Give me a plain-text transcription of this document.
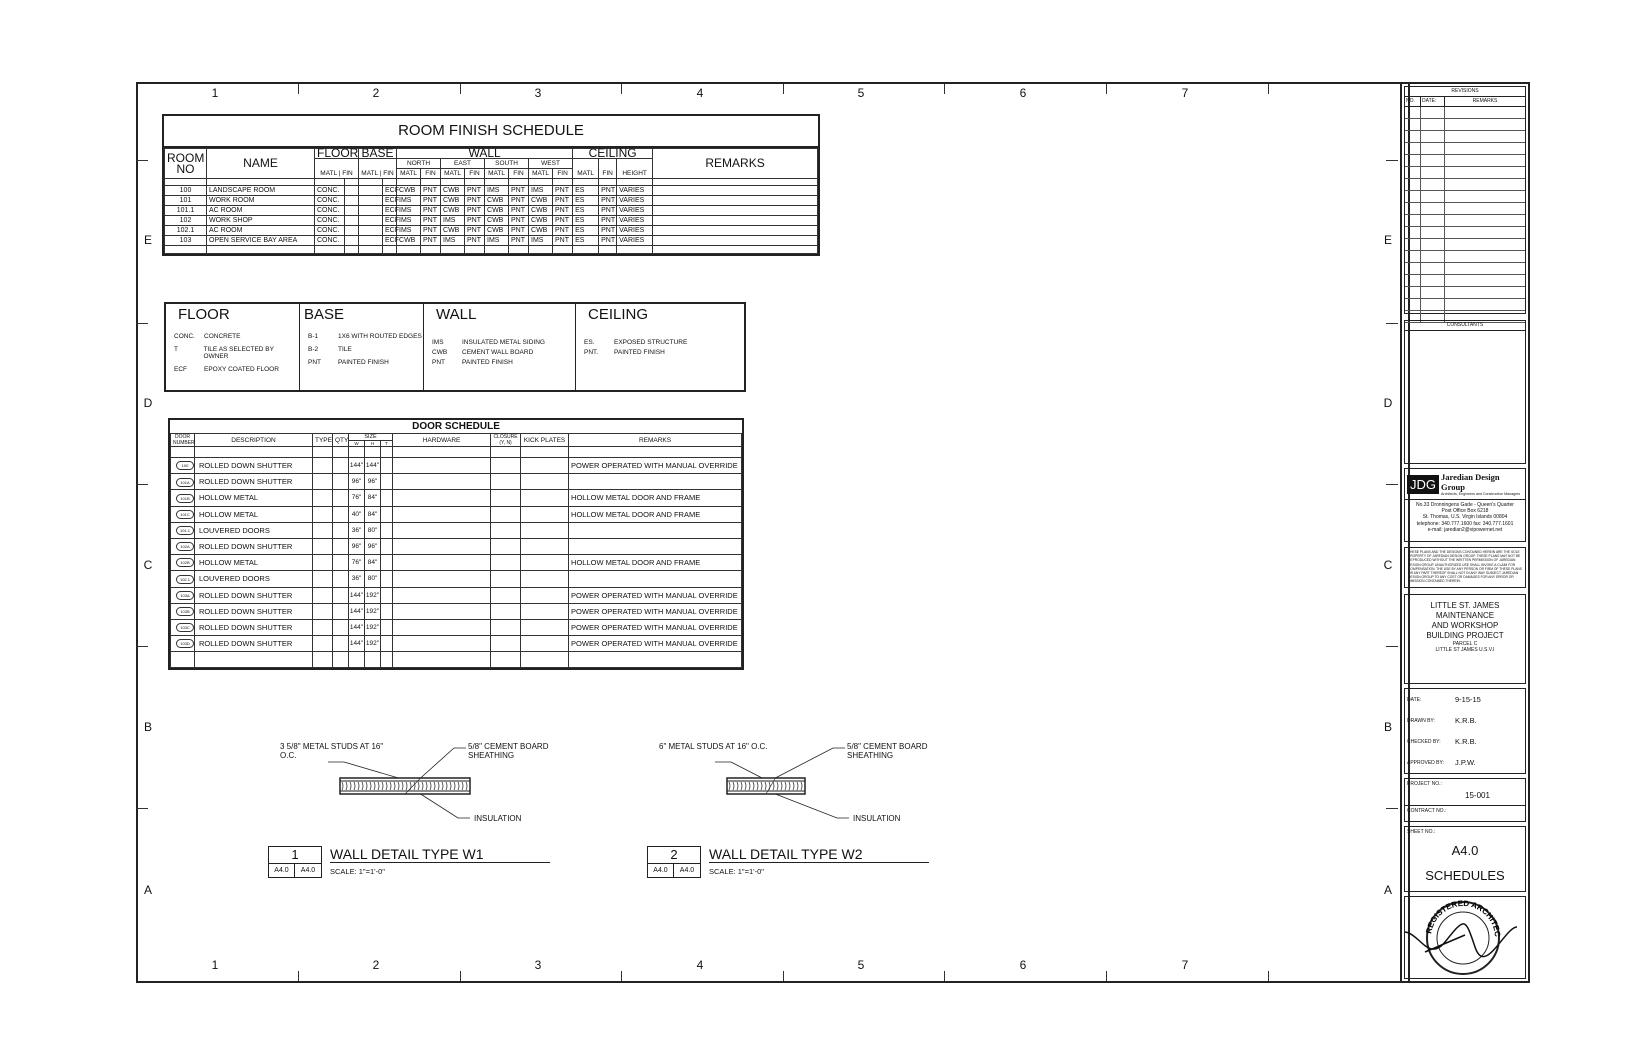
1
1
2
2
3
3
4
4
5
5
6
6
7
7
E	E
D	D
C	C
B	B
A	A
ROOM FINISH SCHEDULE
ROOM NO	NAME	FLOOR		BASE		WALL								CEILING			REMARKS
		MATL | FIN		MATL | FIN		NORTH		EAST		SOUTH		WEST		MATL	FIN	HEIGHT	
						MATL	FIN	MATL	FIN	MATL	FIN	MATL	FIN				

100	LANDSCAPE ROOM	CONC.			ECF	CWB	PNT	CWB	PNT	IMS	PNT	IMS	PNT	ES	PNT	VARIES	
101	WORK ROOM	CONC.			ECF	IMS	PNT	CWB	PNT	CWB	PNT	CWB	PNT	ES	PNT	VARIES	
101.1	AC ROOM	CONC.			ECF	IMS	PNT	CWB	PNT	CWB	PNT	CWB	PNT	ES	PNT	VARIES	
102	WORK SHOP	CONC.			ECF	IMS	PNT	IMS	PNT	CWB	PNT	CWB	PNT	ES	PNT	VARIES	
102.1	AC ROOM	CONC.			ECF	IMS	PNT	CWB	PNT	CWB	PNT	CWB	PNT	ES	PNT	VARIES	
103	OPEN SERVICE BAY AREA	CONC.			ECF	CWB	PNT	IMS	PNT	IMS	PNT	IMS	PNT	ES	PNT	VARIES	

FLOOR
CONC.	CONCRETE
T	TILE AS SELECTED BY OWNER
ECF	EPOXY COATED FLOOR
BASE
B-1	1X6 WITH ROUTED EDGES
B-2	TILE
PNT	PAINTED FINISH
WALL
IMS	INSULATED METAL SIDING
CWB	CEMENT WALL BOARD
PNT	PAINTED FINISH
CEILING
ES.	EXPOSED STRUCTURE
PNT.	PAINTED FINISH
DOOR SCHEDULE
DOOR NUMBER	DESCRIPTION	TYPE	QTY	SIZE			HARDWARE	CLOSURE (Y, N)	KICK PLATES	REMARKS
				W	H	T				

100	ROLLED DOWN SHUTTER			144"	144"					POWER OPERATED WITH MANUAL OVERRIDE
101A	ROLLED DOWN SHUTTER			96"	96"					
101B	HOLLOW METAL			76"	84"					HOLLOW METAL DOOR AND FRAME
101C	HOLLOW METAL			40"	84"					HOLLOW METAL DOOR AND FRAME
101.1	LOUVERED DOORS			36"	80"					
102A	ROLLED DOWN SHUTTER			96"	96"					
102B	HOLLOW METAL			76"	84"					HOLLOW METAL DOOR AND FRAME
102.1	LOUVERED DOORS			36"	80"					
103A	ROLLED DOWN SHUTTER			144"	192"					POWER OPERATED WITH MANUAL OVERRIDE
103B	ROLLED DOWN SHUTTER			144"	192"					POWER OPERATED WITH MANUAL OVERRIDE
103C	ROLLED DOWN SHUTTER			144"	192"					POWER OPERATED WITH MANUAL OVERRIDE
103D	ROLLED DOWN SHUTTER			144"	192"					POWER OPERATED WITH MANUAL OVERRIDE

3 5/8" METAL STUDS AT 16" O.C.
5/8" CEMENT BOARD SHEATHING
INSULATION
1
A4.0	A4.0
WALL DETAIL TYPE W1
SCALE: 1"=1'-0"
6" METAL STUDS AT 16" O.C.	5/8" CEMENT BOARD SHEATHING
INSULATION
2
A4.0	A4.0
WALL DETAIL TYPE W2
SCALE: 1"=1'-0"
REVISIONS
NO.	DATE:	REMARKS
CONSULTANTS
JDG Jaredian Design Group
Architects, Engineers and Construction Managers
No.33 Dronningens Gade - Queen's Quarter
Post Office Box 6218
St. Thomas, U.S. Virgin Islands 00804
telephone: 340.777.1600 fax: 340.777.1601
e-mail: jaredian2@vipowernet.net
THESE PLANS AND THE DESIGNS CONTAINED HEREIN ARE THE SOLE PROPERTY OF JAREDIAN DESIGN GROUP. THESE PLANS MAY NOT BE REPRODUCED WITHOUT THE WRITTEN PERMISSION OF JAREDIAN DESIGN GROUP. UNAUTHORIZED USE SHALL INVOKE A CLAIM FOR COMPENSATION. THE USE BY ANY PERSON OR FIRM OF THESE PLANS OR ANY PART THEREOF SHALL NOT IN ANY WAY SUBJECT JAREDIAN DESIGN GROUP TO ANY COST OR DAMAGES FOR ANY ERROR OR OMISSION CONTAINED THEREIN.
LITTLE ST. JAMES
MAINTENANCE
AND WORKSHOP
BUILDING PROJECT
PARCEL C
LITTLE ST JAMES U.S.V.I
DATE:	9-15-15
DRAWN BY:	K.R.B.
CHECKED BY:	K.R.B.
APPROVED BY:	J.P.W.
PROJECT NO.:
15-001
CONTRACT NO.:
SHEET NO.:
A4.0
SCHEDULES
REGISTERED ARCHITEC
